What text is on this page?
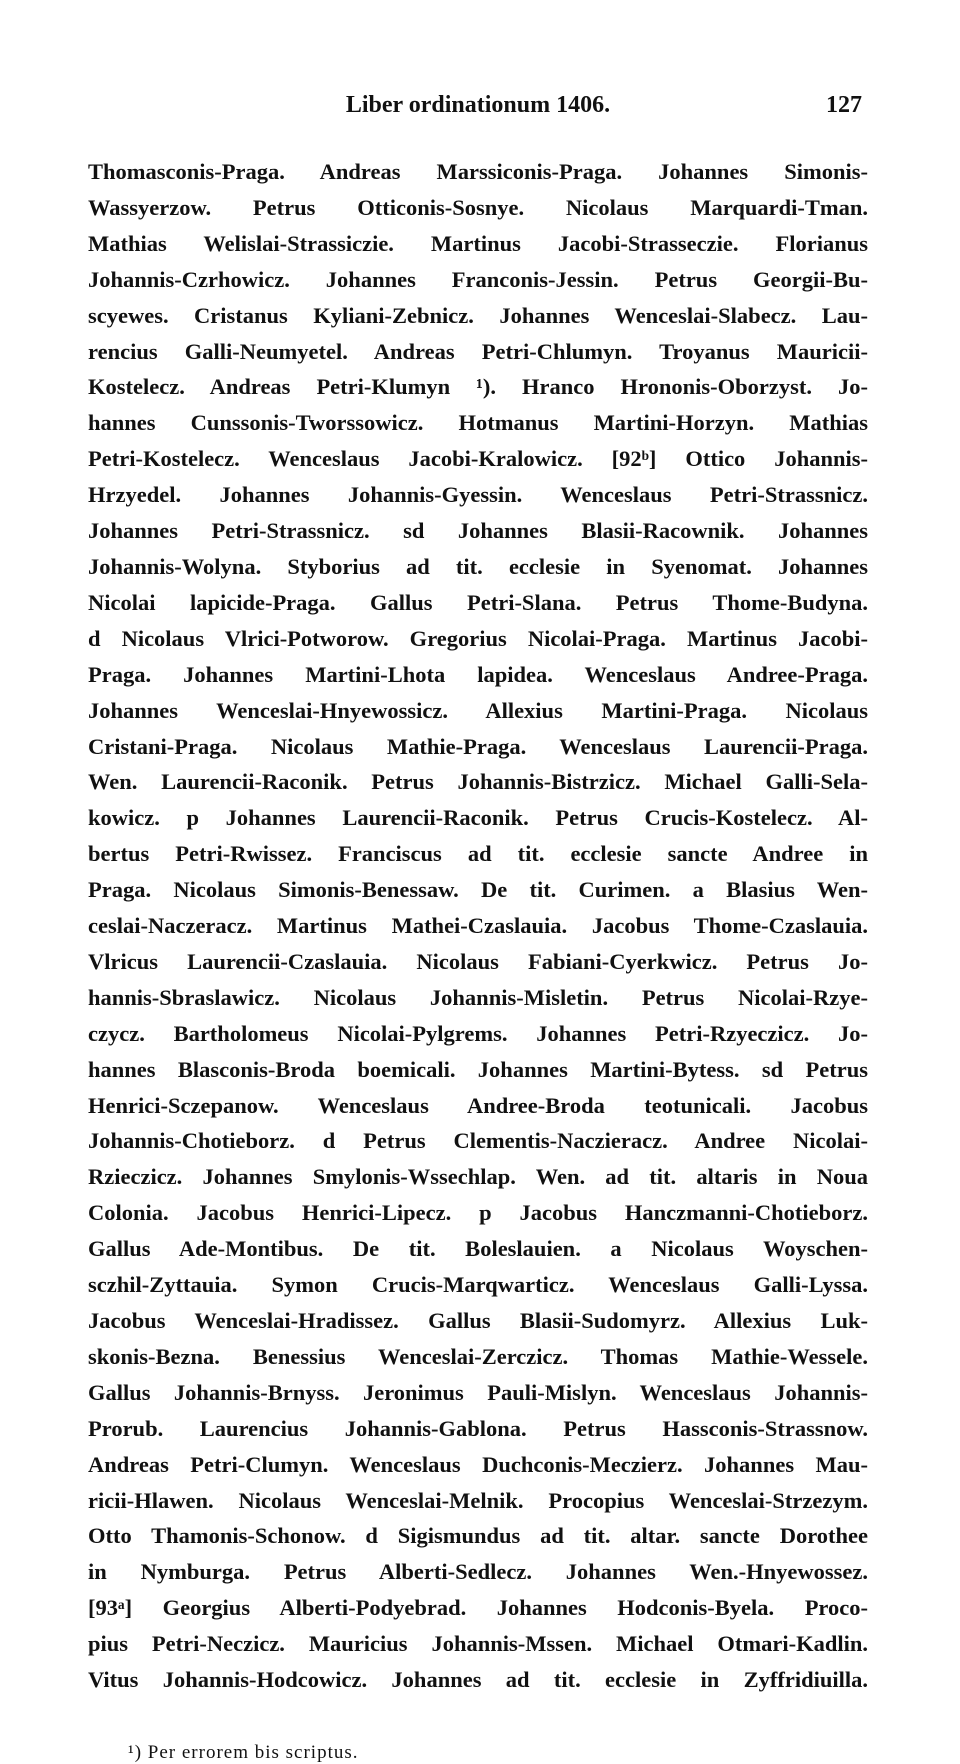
Liber ordinationum 1406.	127
Thomasconis-Praga. Andreas Marssiconis-Praga. Johannes Simonis-
Wassyerzow. Petrus Otticonis-Sosnye. Nicolaus Marquardi-Tman.
Mathias Welislai-Strassiczie. Martinus Jacobi-Strasseczie. Florianus
Johannis-Czrhowicz. Johannes Franconis-Jessin. Petrus Georgii-Bu-
scyewes. Cristanus Kyliani-Zebnicz. Johannes Wenceslai-Slabecz. Lau-
rencius Galli-Neumyetel. Andreas Petri-Chlumyn. Troyanus Mauricii-
Kostelecz. Andreas Petri-Klumyn ¹). Hranco Hrononis-Oborzyst. Jo-
hannes Cunssonis-Tworssowicz. Hotmanus Martini-Horzyn. Mathias
Petri-Kostelecz. Wenceslaus Jacobi-Kralowicz. [92ᵇ] Ottico Johannis-
Hrzyedel. Johannes Johannis-Gyessin. Wenceslaus Petri-Strassnicz.
Johannes Petri-Strassnicz. sd Johannes Blasii-Racownik. Johannes
Johannis-Wolyna. Styborius ad tit. ecclesie in Syenomat. Johannes
Nicolai lapicide-Praga. Gallus Petri-Slana. Petrus Thome-Budyna.
d Nicolaus Vlrici-Potworow. Gregorius Nicolai-Praga. Martinus Jacobi-
Praga. Johannes Martini-Lhota lapidea. Wenceslaus Andree-Praga.
Johannes Wenceslai-Hnyewossicz. Allexius Martini-Praga. Nicolaus
Cristani-Praga. Nicolaus Mathie-Praga. Wenceslaus Laurencii-Praga.
Wen. Laurencii-Raconik. Petrus Johannis-Bistrzicz. Michael Galli-Sela-
kowicz. p Johannes Laurencii-Raconik. Petrus Crucis-Kostelecz. Al-
bertus Petri-Rwissez. Franciscus ad tit. ecclesie sancte Andree in
Praga. Nicolaus Simonis-Benessaw. De tit. Curimen. a Blasius Wen-
ceslai-Naczeracz. Martinus Mathei-Czaslauia. Jacobus Thome-Czaslauia.
Vlricus Laurencii-Czaslauia. Nicolaus Fabiani-Cyerkwicz. Petrus Jo-
hannis-Sbraslawicz. Nicolaus Johannis-Misletin. Petrus Nicolai-Rzye-
czycz. Bartholomeus Nicolai-Pylgrems. Johannes Petri-Rzyeczicz. Jo-
hannes Blasconis-Broda boemicali. Johannes Martini-Bytess. sd Petrus
Henrici-Sczepanow. Wenceslaus Andree-Broda teotunicali. Jacobus
Johannis-Chotieborz. d Petrus Clementis-Naczieracz. Andree Nicolai-
Rzieczicz. Johannes Smylonis-Wssechlap. Wen. ad tit. altaris in Noua
Colonia. Jacobus Henrici-Lipecz. p Jacobus Hanczmanni-Chotieborz.
Gallus Ade-Montibus. De tit. Boleslauien. a Nicolaus Woyschen-
sczhil-Zyttauia. Symon Crucis-Marqwarticz. Wenceslaus Galli-Lyssa.
Jacobus Wenceslai-Hradissez. Gallus Blasii-Sudomyrz. Allexius Luk-
skonis-Bezna. Benessius Wenceslai-Zerczicz. Thomas Mathie-Wessele.
Gallus Johannis-Brnyss. Jeronimus Pauli-Mislyn. Wenceslaus Johannis-
Prorub. Laurencius Johannis-Gablona. Petrus Hassconis-Strassnow.
Andreas Petri-Clumyn. Wenceslaus Duchconis-Meczierz. Johannes Mau-
ricii-Hlawen. Nicolaus Wenceslai-Melnik. Procopius Wenceslai-Strzezym.
Otto Thamonis-Schonow. d Sigismundus ad tit. altar. sancte Dorothee
in Nymburga. Petrus Alberti-Sedlecz. Johannes Wen.-Hnyewossez.
[93ᵃ] Georgius Alberti-Podyebrad. Johannes Hodconis-Byela. Proco-
pius Petri-Neczicz. Mauricius Johannis-Mssen. Michael Otmari-Kadlin.
Vitus Johannis-Hodcowicz. Johannes ad tit. ecclesie in Zyffridiuilla.
¹) Per errorem bis scriptus.
